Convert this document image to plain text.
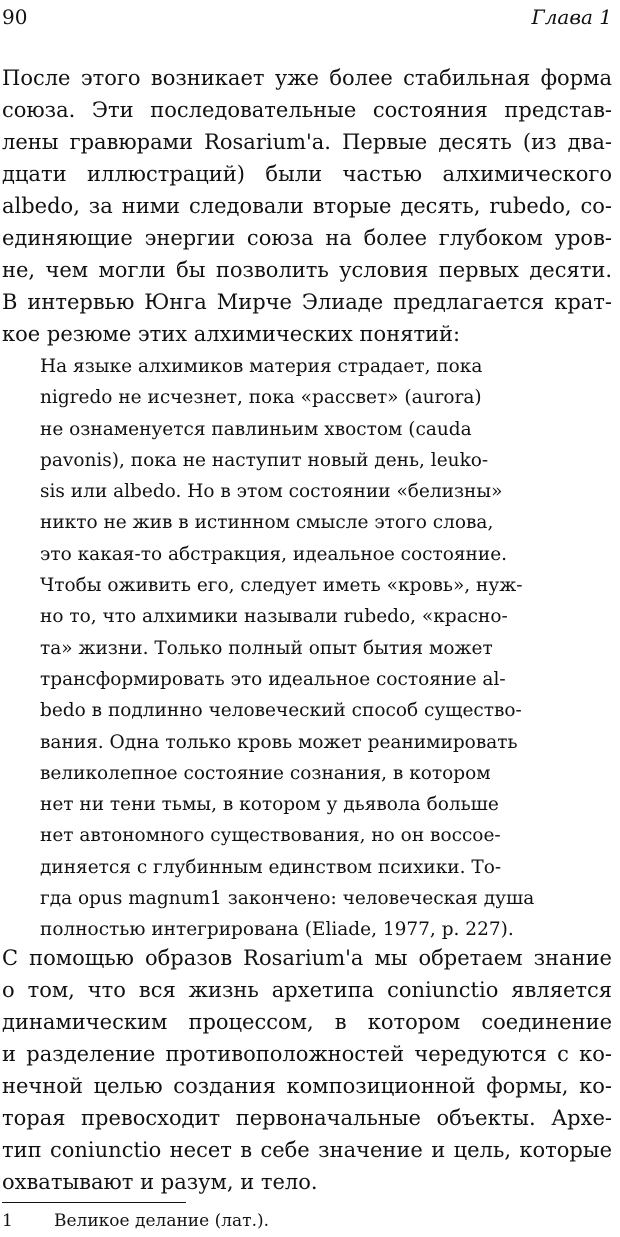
90	Глава 1
После этого возникает уже более стабильная форма
союза. Эти последовательные состояния представ-
лены гравюрами Rosarium'a. Первые десять (из два-
дцати иллюстраций) были частью алхимического
albedo, за ними следовали вторые десять, rubedo, со-
единяющие энергии союза на более глубоком уров-
не, чем могли бы позволить условия первых десяти.
В интервью Юнга Мирче Элиаде предлагается крат-
кое резюме этих алхимических понятий:
На языке алхимиков материя страдает, пока
nigredo не исчезнет, пока «рассвет» (aurora)
не ознаменуется павлиньим хвостом (cauda
pavonis), пока не наступит новый день, leuko-
sis или albedo. Но в этом состоянии «белизны»
никто не жив в истинном смысле этого слова,
это какая-то абстракция, идеальное состояние.
Чтобы оживить его, следует иметь «кровь», нуж-
но то, что алхимики называли rubedo, «красно-
та» жизни. Только полный опыт бытия может
трансформировать это идеальное состояние al-
bedo в подлинно человеческий способ существо-
вания. Одна только кровь может реанимировать
великолепное состояние сознания, в котором
нет ни тени тьмы, в котором у дьявола больше
нет автономного существования, но он воссое-
диняется с глубинным единством психики. То-
гда opus magnum1 закончено: человеческая душа
полностью интегрирована (Eliade, 1977, p. 227).
С помощью образов Rosarium'a мы обретаем знание
о том, что вся жизнь архетипа coniunctio является
динамическим процессом, в котором соединение
и разделение противоположностей чередуются с ко-
нечной целью создания композиционной формы, ко-
торая превосходит первоначальные объекты. Архе-
тип coniunctio несет в себе значение и цель, которые
охватывают и разум, и тело.
1 Великое делание (лат.).
